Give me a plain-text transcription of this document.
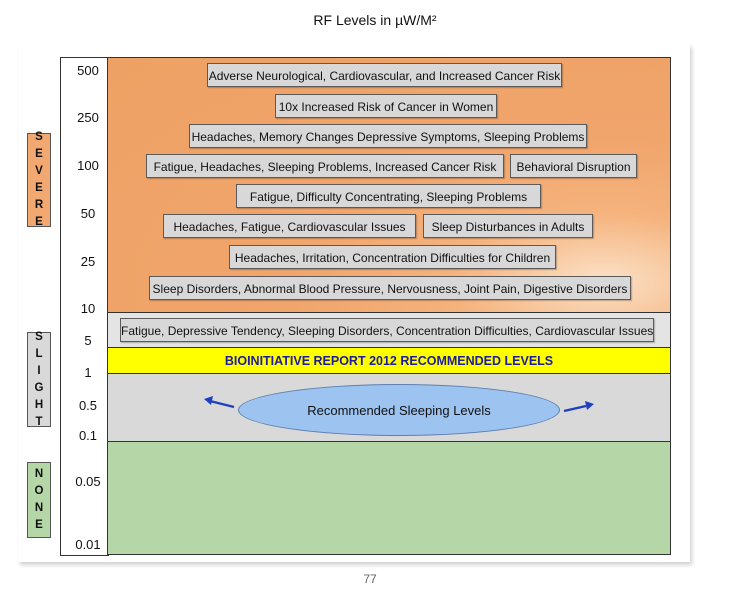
RF Levels in µW/M²
500
250
100
50
25
10
5
1
0.5
0.1
0.05
0.01
BIOINITIATIVE REPORT 2012 RECOMMENDED LEVELS
Adverse Neurological, Cardiovascular, and Increased Cancer Risk
10x Increased Risk of Cancer in Women
Headaches, Memory Changes Depressive Symptoms, Sleeping Problems
Fatigue, Headaches, Sleeping Problems, Increased Cancer Risk	Behavioral Disruption
Fatigue, Difficulty Concentrating, Sleeping Problems
Headaches, Fatigue, Cardiovascular Issues	Sleep Disturbances in Adults
Headaches, Irritation, Concentration Difficulties for Children
Sleep Disorders, Abnormal Blood Pressure, Nervousness, Joint Pain, Digestive Disorders
Fatigue, Depressive Tendency, Sleeping Disorders, Concentration Difficulties, Cardiovascular Issues
Recommended Sleeping Levels
S
E
V
E
R
E
S
L
I
G
H
T
N
O
N
E
77
